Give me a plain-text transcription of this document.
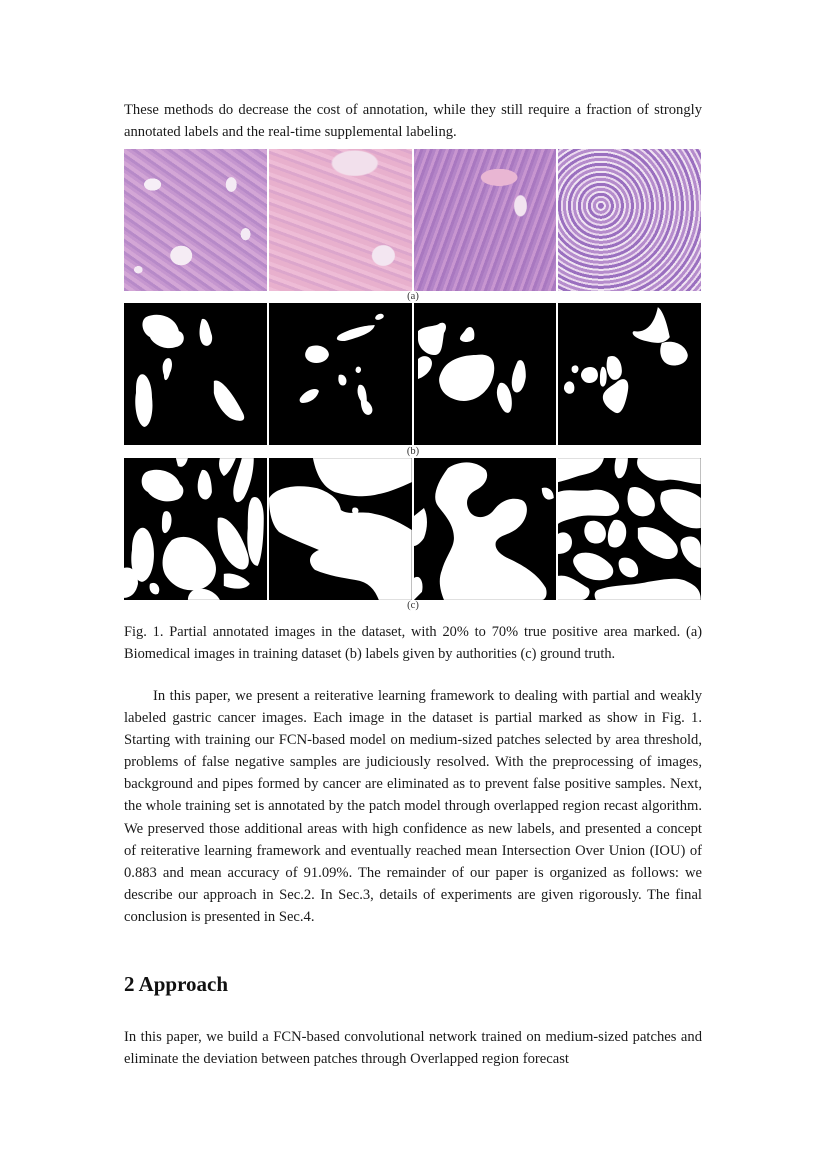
These methods do decrease the cost of annotation, while they still require a fraction of strongly annotated labels and the real-time supplemental labeling.

(a)
(b)
(c)

Fig. 1. Partial annotated images in the dataset, with 20% to 70% true positive area marked. (a) Biomedical images in training dataset (b) labels given by authorities (c) ground truth.

In this paper, we present a reiterative learning framework to dealing with partial and weakly labeled gastric cancer images. Each image in the dataset is partial marked as show in Fig. 1. Starting with training our FCN-based model on medium-sized patches selected by area threshold, problems of false negative samples are judiciously resolved. With the preprocessing of images, background and pipes formed by cancer are eliminated as to prevent false positive samples. Next, the whole training set is annotated by the patch model through overlapped region recast algorithm. We preserved those additional areas with high confidence as new labels, and presented a concept of reiterative learning framework and eventually reached mean Intersection Over Union (IOU) of 0.883 and mean accuracy of 91.09%. The remainder of our paper is organized as follows: we describe our approach in Sec.2. In Sec.3, details of experiments are given rigorously. The final conclusion is presented in Sec.4.

2 Approach

In this paper, we build a FCN-based convolutional network trained on medium-sized patches and eliminate the deviation between patches through Overlapped region forecast
